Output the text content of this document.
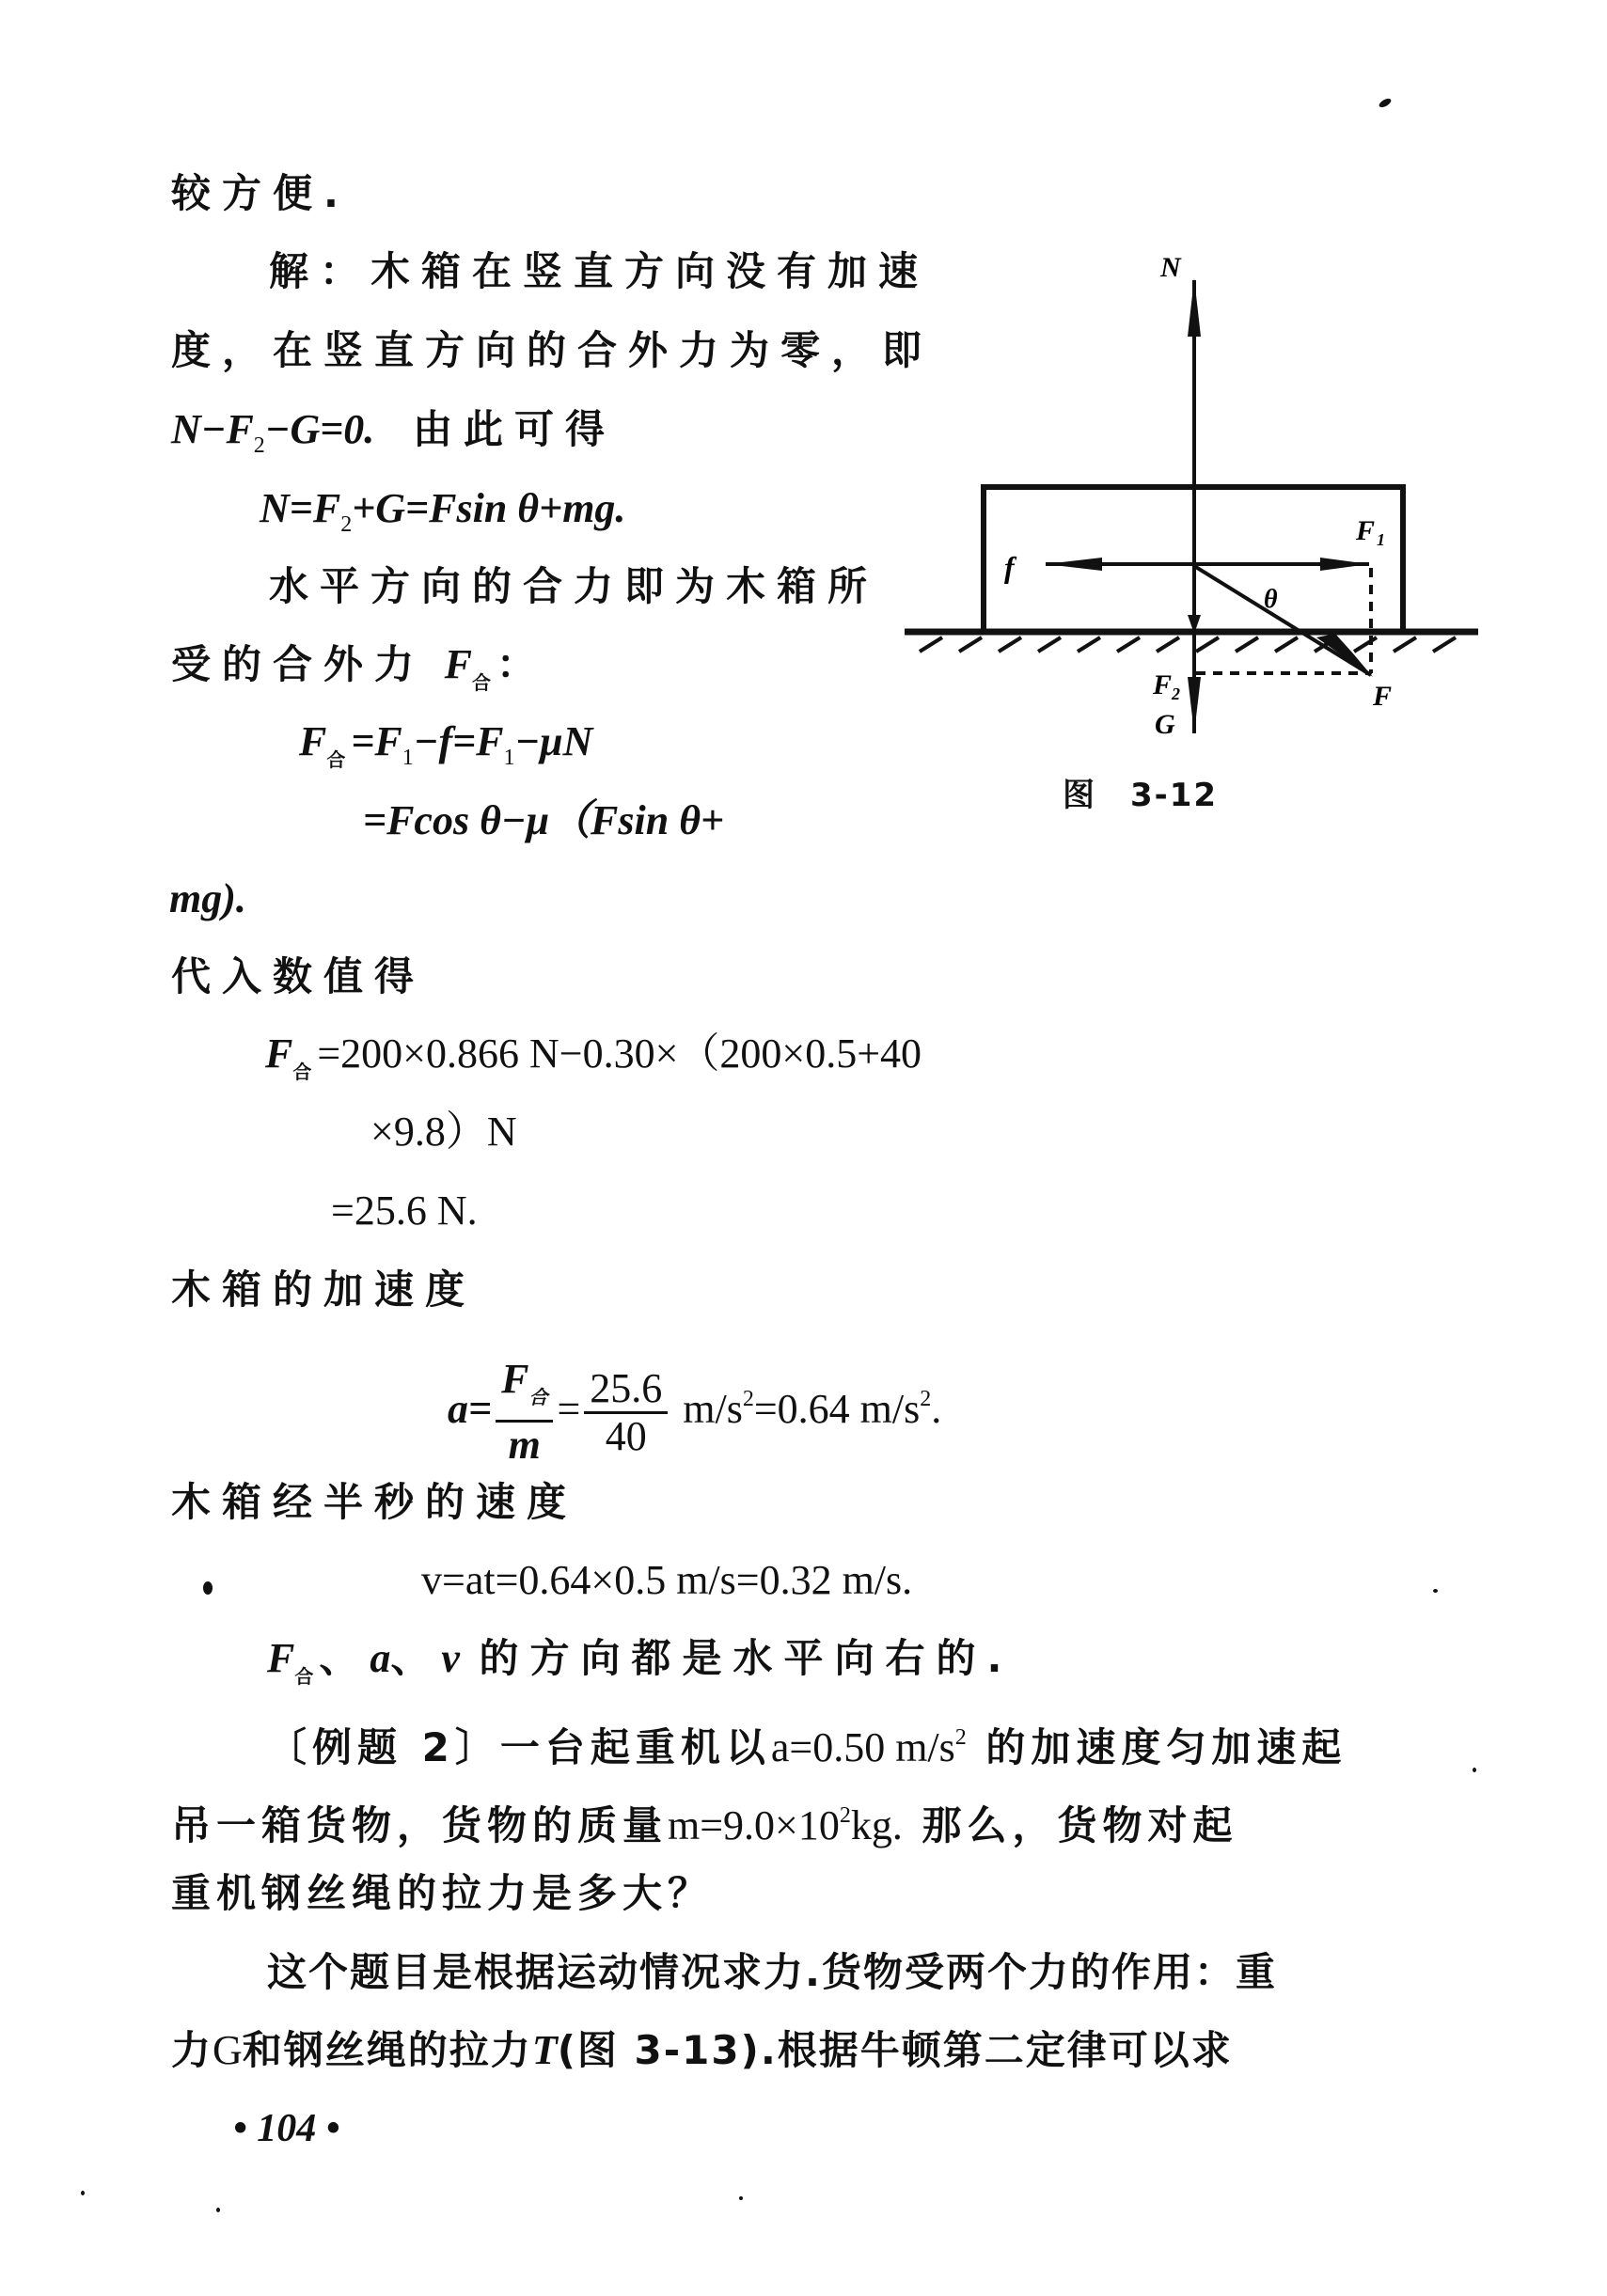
较方便.
解：木箱在竖直方向没有加速
度，在竖直方向的合外力为零，即
$N-F_2-G=0$. 由此可得
$N=F_2+G=Fsin$ θ+mg.
水平方向的合力即为木箱所
受的合外力 $F_合$：
$F_合=F_1-f=F_1-\mu N$
=Fcos θ−μ（Fsin θ+
mg).
代入数值得
$F_合=200\times 0.866$ N−0.30×（200×0.5+40
×9.8）N
=25.6 N.
木箱的加速度
$a= \frac{F_合}{m} = \frac{25.6}{40} m/s^2=0.64$ $m/s^2$.
木箱经半秒的速度
v=at=0.64×0.5 m/s=0.32 m/s.
$F_合$、a、v 的方向都是水平向右的.
〔例题 2〕一台起重机以a=0.50 $m/s^2$ 的加速度匀加速起
吊一箱货物，货物的质量$m=9.0\times 10^2kg$. 那么，货物对起
重机钢丝绳的拉力是多大？
这个题目是根据运动情况求力.货物受两个力的作用：重
力G和钢丝绳的拉力T(图 3-13).根据牛顿第二定律可以求
• 104 •
N
f
F 1
θ
F 2	F
G
图　3-12
